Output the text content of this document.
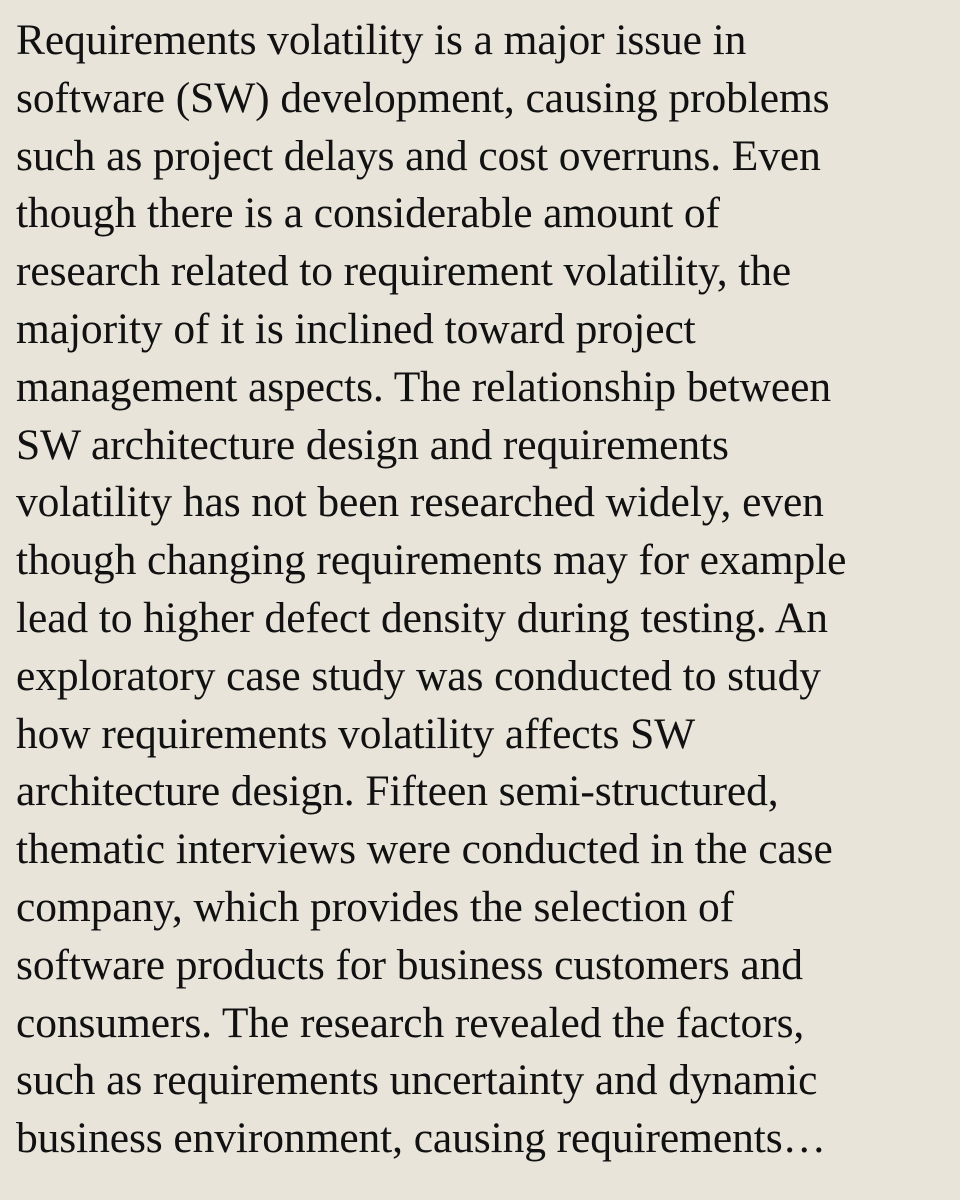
Requirements volatility is a major issue in
software (SW) development, causing problems
such as project delays and cost overruns. Even
though there is a considerable amount of
research related to requirement volatility, the
majority of it is inclined toward project
management aspects. The relationship between
SW architecture design and requirements
volatility has not been researched widely, even
though changing requirements may for example
lead to higher defect density during testing. An
exploratory case study was conducted to study
how requirements volatility affects SW
architecture design. Fifteen semi-structured,
thematic interviews were conducted in the case
company, which provides the selection of
software products for business customers and
consumers. The research revealed the factors,
such as requirements uncertainty and dynamic
business environment, causing requirements…
